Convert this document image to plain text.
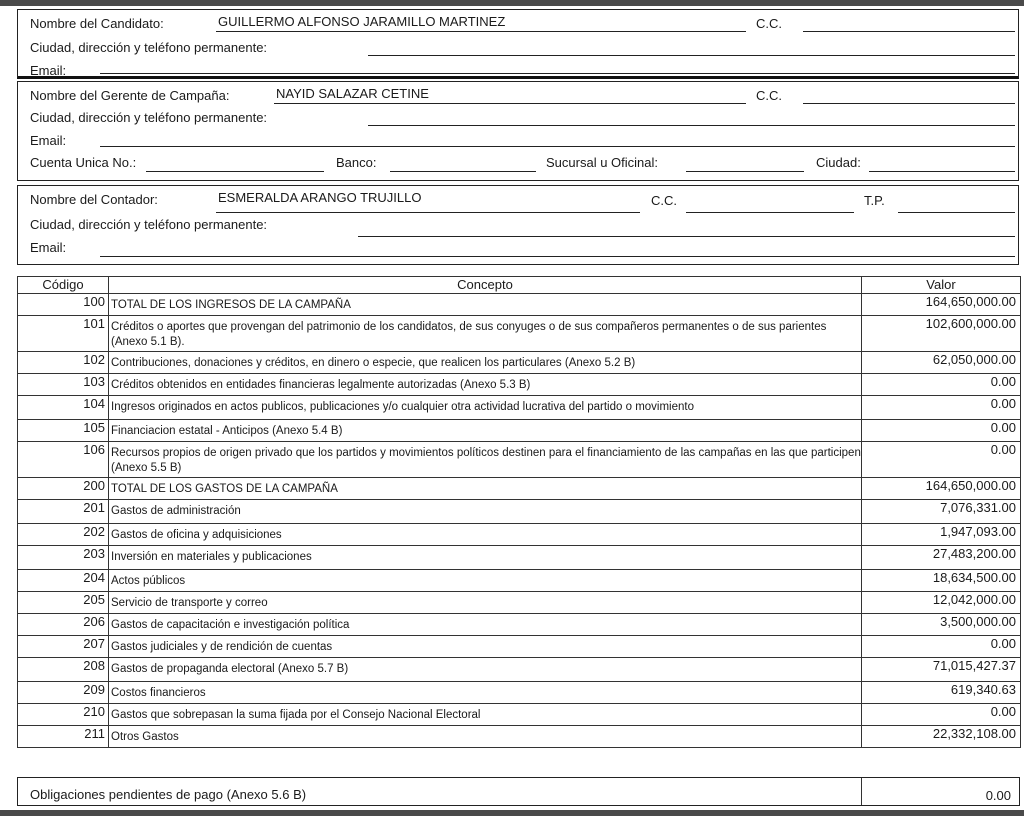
Nombre del Candidato:	GUILLERMO ALFONSO JARAMILLO MARTINEZ	C.C.
Ciudad, dirección y teléfono permanente:
Email:
Nombre del Gerente de Campaña:	NAYID SALAZAR CETINE	C.C.
Ciudad, dirección y teléfono permanente:
Email:
Cuenta Unica No.:	Banco:	Sucursal u Oficinal:	Ciudad:
Nombre del Contador:	ESMERALDA ARANGO TRUJILLO	C.C.	T.P.
Ciudad, dirección y teléfono permanente:
Email:
Código	Concepto	Valor
100	TOTAL DE LOS INGRESOS DE LA CAMPAÑA	164,650,000.00
101	Créditos o aportes que provengan del patrimonio de los candidatos, de sus conyuges o de sus compañeros permanentes o de sus parientes (Anexo 5.1 B).	102,600,000.00
102	Contribuciones, donaciones y créditos, en dinero o especie, que realicen los particulares (Anexo 5.2 B)	62,050,000.00
103	Créditos obtenidos en entidades financieras legalmente autorizadas (Anexo 5.3 B)	0.00
104	Ingresos originados en actos publicos, publicaciones y/o cualquier otra actividad lucrativa del partido o movimiento	0.00
105	Financiacion estatal - Anticipos (Anexo 5.4 B)	0.00
106	Recursos propios de origen privado que los partidos y movimientos políticos destinen para el financiamiento de las campañas en las que participen (Anexo 5.5 B)	0.00
200	TOTAL DE LOS GASTOS DE LA CAMPAÑA	164,650,000.00
201	Gastos de administración	7,076,331.00
202	Gastos de oficina y adquisiciones	1,947,093.00
203	Inversión en materiales y publicaciones	27,483,200.00
204	Actos públicos	18,634,500.00
205	Servicio de transporte y correo	12,042,000.00
206	Gastos de capacitación e investigación política	3,500,000.00
207	Gastos judiciales y de rendición de cuentas	0.00
208	Gastos de propaganda electoral (Anexo 5.7 B)	71,015,427.37
209	Costos financieros	619,340.63
210	Gastos que sobrepasan la suma fijada por el Consejo Nacional Electoral	0.00
211	Otros Gastos	22,332,108.00
Obligaciones pendientes de pago (Anexo 5.6 B)	0.00
